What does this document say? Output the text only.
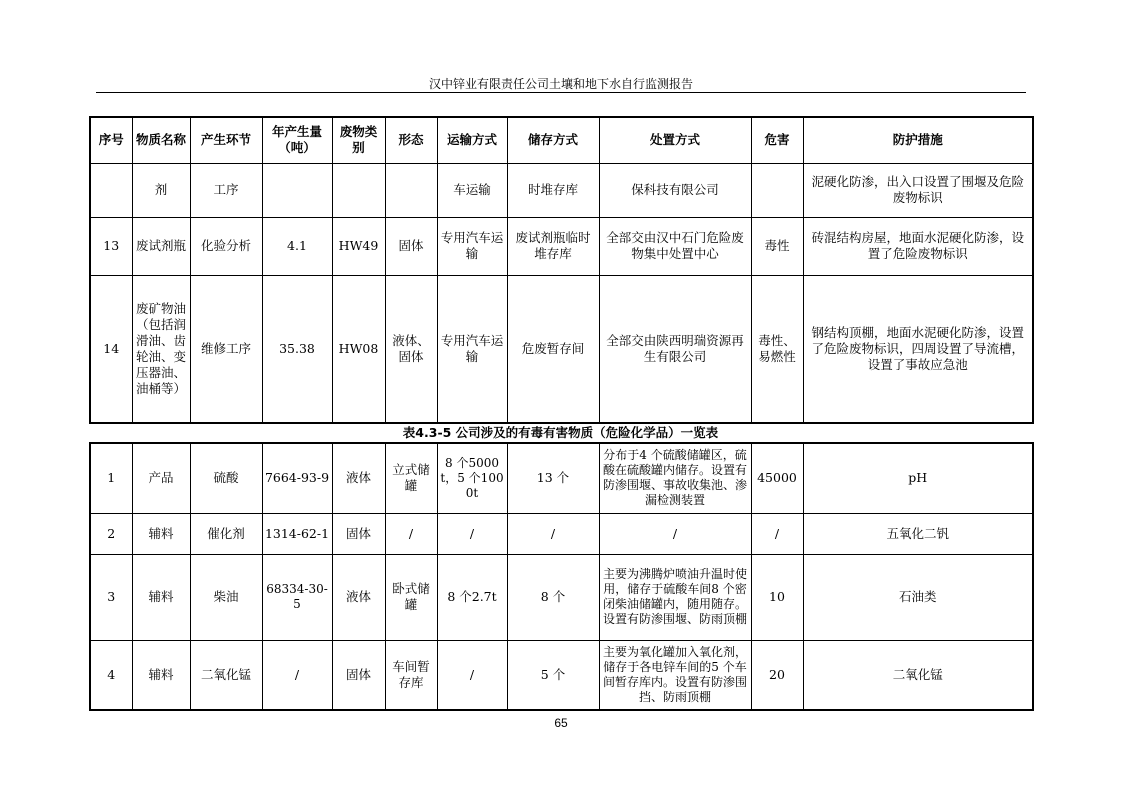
汉中锌业有限责任公司土壤和地下水自行监测报告
序号	物质名称	产生环节	年产生量（吨）	废物类别	形态	运输方式	储存方式	处置方式	危害	防护措施
	剂	工序				车运输	时堆存库	保科技有限公司		泥硬化防渗，出入口设置了围堰及危险废物标识
13	废试剂瓶	化验分析	4.1	HW49	固体	专用汽车运输	废试剂瓶临时堆存库	全部交由汉中石门危险废物集中处置中心	毒性	砖混结构房屋，地面水泥硬化防渗，设置了危险废物标识
14	废矿物油（包括润滑油、齿轮油、变压器油、油桶等）	维修工序	35.38	HW08	液体、固体	专用汽车运输	危废暂存间	全部交由陕西明瑞资源再生有限公司	毒性、易燃性	钢结构顶棚，地面水泥硬化防渗，设置了危险废物标识，四周设置了导流槽， 设置了事故应急池
表4.3-5 公司涉及的有毒有害物质（危险化学品）一览表
1	产品	硫酸	7664-93-9	液体	立式储罐	8 个5000t，5 个1000t	13 个	分布于4 个硫酸储罐区，硫酸在硫酸罐内储存。设置有防渗围堰、事故收集池、渗漏检测装置	45000	pH
2	辅料	催化剂	1314-62-1	固体	/	/	/	/	/	五氧化二钒
3	辅料	柴油	68334-30-5	液体	卧式储罐	8 个2.7t	8 个	主要为沸腾炉喷油升温时使用，储存于硫酸车间8 个密闭柴油储罐内，随用随存。设置有防渗围堰、防雨顶棚	10	石油类
4	辅料	二氧化锰	/	固体	车间暂存库	/	5 个	主要为氧化罐加入氧化剂，储存于各电锌车间的5 个车间暂存库内。设置有防渗围挡、防雨顶棚	20	二氧化锰
65
